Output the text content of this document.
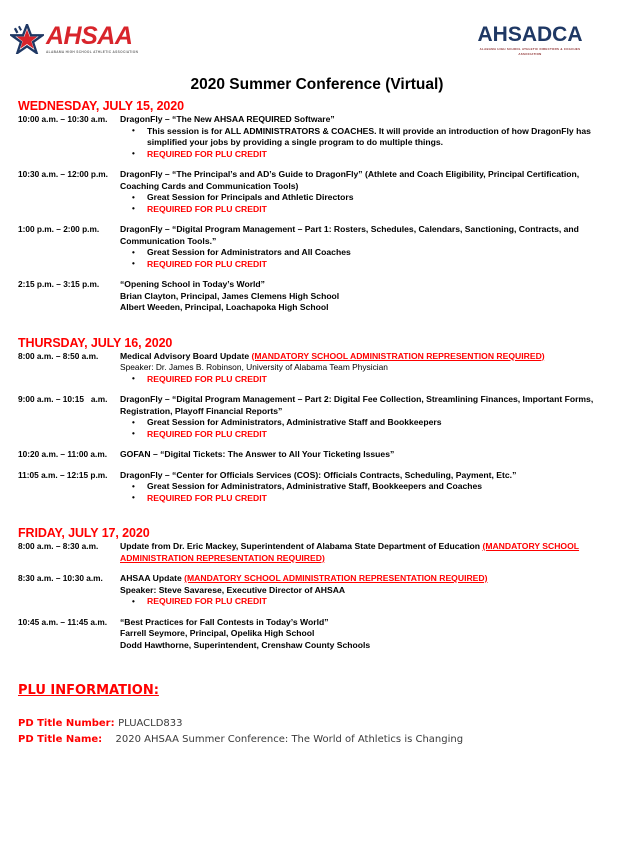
AHSAA
ALABAMA HIGH SCHOOL ATHLETIC ASSOCIATION
AHSADCA
ALABAMA HIGH SCHOOL ATHLETIC DIRECTORS & COACHES ASSOCIATION
2020 Summer Conference (Virtual)
WEDNESDAY, JULY 15, 2020
10:00 a.m. – 10:30 a.m.	DragonFly – “The New AHSAA REQUIRED Software”
• This session is for ALL ADMINISTRATORS & COACHES. It will provide an introduction of how DragonFly has simplified your jobs by providing a single program to do multiple things.
• REQUIRED FOR PLU CREDIT
10:30 a.m. – 12:00 p.m.	DragonFly – “The Principal’s and AD’s Guide to DragonFly” (Athlete and Coach Eligibility, Principal Certification, Coaching Cards and Communication Tools)
• Great Session for Principals and Athletic Directors
• REQUIRED FOR PLU CREDIT
1:00 p.m. – 2:00 p.m.	DragonFly – “Digital Program Management – Part 1: Rosters, Schedules, Calendars, Sanctioning, Contracts, and Communication Tools.”
• Great Session for Administrators and All Coaches
• REQUIRED FOR PLU CREDIT
2:15 p.m. – 3:15 p.m.	“Opening School in Today’s World”
Brian Clayton, Principal, James Clemens High School
Albert Weeden, Principal, Loachapoka High School
THURSDAY, JULY 16, 2020
8:00 a.m. – 8:50 a.m.	Medical Advisory Board Update (MANDATORY SCHOOL ADMINISTRATION REPRESENTION REQUIRED)
Speaker: Dr. James B. Robinson, University of Alabama Team Physician
• REQUIRED FOR PLU CREDIT
9:00 a.m. – 10:15   a.m.	DragonFly – “Digital Program Management – Part 2: Digital Fee Collection, Streamlining Finances, Important Forms, Registration, Playoff Financial Reports”
• Great Session for Administrators, Administrative Staff and Bookkeepers
• REQUIRED FOR PLU CREDIT
10:20 a.m. – 11:00 a.m.	GOFAN – “Digital Tickets: The Answer to All Your Ticketing Issues”
11:05 a.m. – 12:15 p.m.	DragonFly – “Center for Officials Services (COS): Officials Contracts, Scheduling, Payment, Etc.”
• Great Session for Administrators, Administrative Staff, Bookkeepers and Coaches
• REQUIRED FOR PLU CREDIT
FRIDAY, JULY 17, 2020
8:00 a.m. – 8:30 a.m.	Update from Dr. Eric Mackey, Superintendent of Alabama State Department of Education (MANDATORY SCHOOL ADMINISTRATION REPRESENTATION REQUIRED)
8:30 a.m. – 10:30 a.m.	AHSAA Update (MANDATORY SCHOOL ADMINISTRATION REPRESENTATION REQUIRED)
Speaker: Steve Savarese, Executive Director of AHSAA
• REQUIRED FOR PLU CREDIT
10:45 a.m. – 11:45 a.m.	“Best Practices for Fall Contests in Today’s World”
Farrell Seymore, Principal, Opelika High School
Dodd Hawthorne, Superintendent, Crenshaw County Schools
PLU INFORMATION:
PD Title Number: PLUACLD833
PD Title Name: 2020 AHSAA Summer Conference: The World of Athletics is Changing
